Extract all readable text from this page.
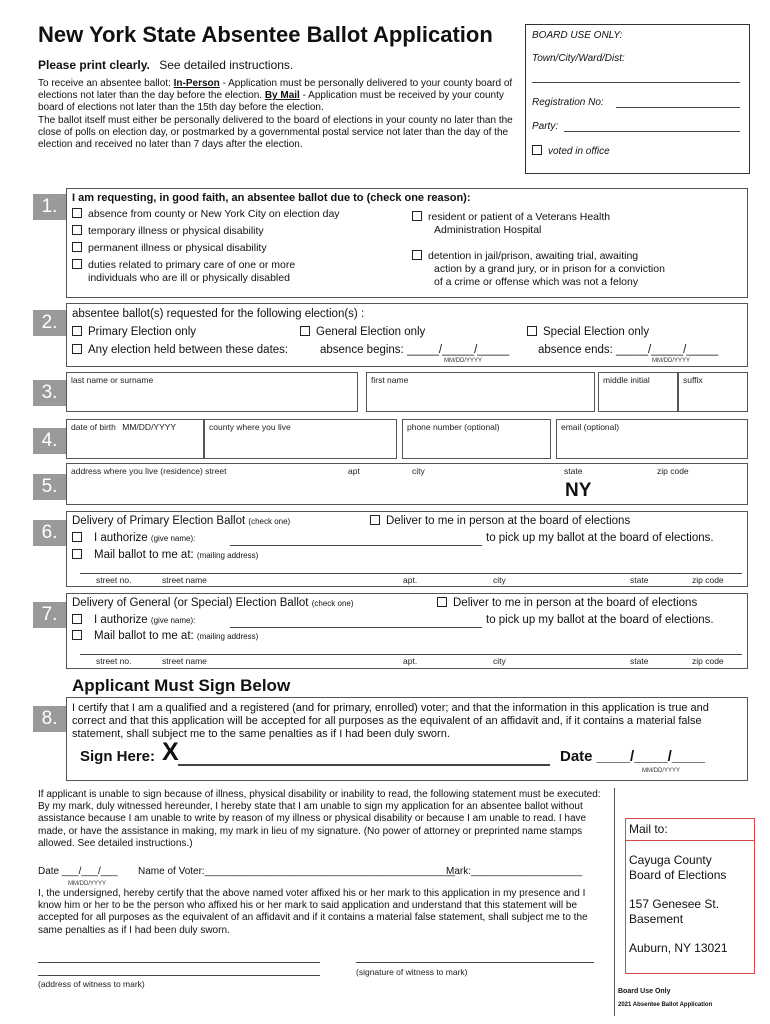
New York State Absentee Ballot Application
Please print clearly. See detailed instructions.
To receive an absentee ballot: In-Person - Application must be personally delivered to your county board of elections not later than the day before the election. By Mail - Application must be received by your county board of elections not later than the 15th day before the election.
The ballot itself must either be personally delivered to the board of elections in your county no later than the close of polls on election day, or postmarked by a governmental postal service not later than the day of the election and received no later than 7 days after the election.
BOARD USE ONLY:
Town/City/Ward/Dist:
Registration No:
Party:
voted in office
1.	I am requesting, in good faith, an absentee ballot due to (check one reason):
absence from county or New York City on election day
temporary illness or physical disability
permanent illness or physical disability
duties related to primary care of one or more
individuals who are ill or physically disabled
resident or patient of a Veterans Health
Administration Hospital
detention in jail/prison, awaiting trial, awaiting
action by a grand jury, or in prison for a conviction
of a crime or offense which was not a felony
2.	absentee ballot(s) requested for the following election(s) :
Primary Election only	General Election only	Special Election only
Any election held between these dates:	absence begins: _____/_____/_____ absence ends: _____/_____/_____
MM/DD/YYYY	MM/DD/YYYY
3.
last name or surname	first name	middle initial	suffix
4.
date of birth MM/DD/YYYY	county where you live	phone number (optional)	email (optional)
5.
address where you live (residence) street	apt	city	state	zip code
NY
6.
Delivery of Primary Election Ballot (check one)	Deliver to me in person at the board of elections
I authorize (give name):	to pick up my ballot at the board of elections.
Mail ballot to me at: (mailing address)
street no.	street name	apt.	city	state	zip code
7.
Delivery of General (or Special) Election Ballot (check one)	Deliver to me in person at the board of elections
I authorize (give name):	to pick up my ballot at the board of elections.
Mail ballot to me at: (mailing address)
street no.	street name	apt.	city	state	zip code
Applicant Must Sign Below
8.	I certify that I am a qualified and a registered (and for primary, enrolled) voter; and that the information in this application is true and correct and that this application will be accepted for all purposes as the equivalent of an affidavit and, if it contains a material false statement, shall subject me to the same penalties as if I had been duly sworn.
Sign Here: X	Date ____/____/____
MM/DD/YYYY
If applicant is unable to sign because of illness, physical disability or inability to read, the following statement must be executed: By my mark, duly witnessed hereunder, I hereby state that I am unable to sign my application for an absentee ballot without assistance because I am unable to write by reason of my illness or physical disability or because I am unable to read. I have made, or have the assistance in making, my mark in lieu of my signature. (No power of attorney or preprinted name stamps allowed. See detailed instructions.)
Date ___/___/___ Name of Voter:_____________________________________________
Mark:____________________
MM/DD/YYYY
I, the undersigned, hereby certify that the above named voter affixed his or her mark to this application in my presence and I know him or her to be the person who affixed his or her mark to said application and understand that this statement will be accepted for all purposes as the equivalent of an affidavit and if it contains a material false statement, shall subject me to the same penalties as if I had been duly sworn.
(signature of witness to mark)
(address of witness to mark)
Mail to:
Cayuga County
Board of Elections
157 Genesee St.
Basement
Auburn, NY 13021
Board Use Only
2021 Absentee Ballot Application
